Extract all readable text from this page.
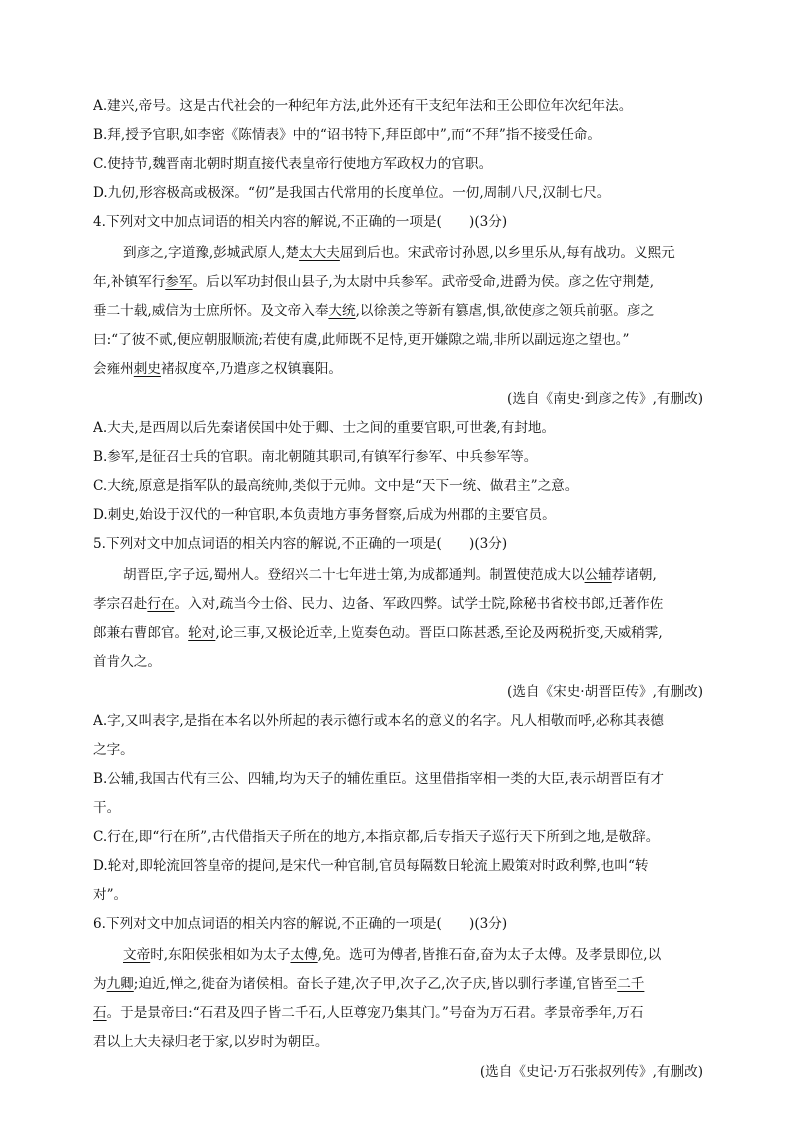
A.建兴,帝号。这是古代社会的一种纪年方法,此外还有干支纪年法和王公即位年次纪年法。
B.拜,授予官职,如李密《陈情表》中的“诏书特下,拜臣郎中”,而“不拜”指不接受任命。
C.使持节,魏晋南北朝时期直接代表皇帝行使地方军政权力的官职。
D.九仞,形容极高或极深。“仞”是我国古代常用的长度单位。一仞,周制八尺,汉制七尺。
4.下列对文中加点词语的相关内容的解说,不正确的一项是(　　)(3分)
到彦之,字道豫,彭城武原人,楚太大夫屈到后也。宋武帝讨孙恩,以乡里乐从,每有战功。义熙元
年,补镇军行参军。后以军功封佷山县子,为太尉中兵参军。武帝受命,进爵为侯。彦之佐守荆楚,
垂二十载,威信为士庶所怀。及文帝入奉大统,以徐羡之等新有篡虐,惧,欲使彦之领兵前驱。彦之
曰:“了彼不贰,便应朝服顺流;若使有虞,此师既不足恃,更开嫌隙之端,非所以副远迩之望也。”
会雍州刺史褚叔度卒,乃遣彦之权镇襄阳。
(选自《南史·到彦之传》,有删改)
A.大夫,是西周以后先秦诸侯国中处于卿、士之间的重要官职,可世袭,有封地。
B.参军,是征召士兵的官职。南北朝随其职司,有镇军行参军、中兵参军等。
C.大统,原意是指军队的最高统帅,类似于元帅。文中是“天下一统、做君主”之意。
D.刺史,始设于汉代的一种官职,本负责地方事务督察,后成为州郡的主要官员。
5.下列对文中加点词语的相关内容的解说,不正确的一项是(　　)(3分)
胡晋臣,字子远,蜀州人。登绍兴二十七年进士第,为成都通判。制置使范成大以公辅荐诸朝,
孝宗召赴行在。入对,疏当今士俗、民力、边备、军政四弊。试学士院,除秘书省校书郎,迁著作佐
郎兼右曹郎官。轮对,论三事,又极论近幸,上览奏色动。晋臣口陈甚悉,至论及两税折变,天威稍霁,
首肯久之。
(选自《宋史·胡晋臣传》,有删改)
A.字,又叫表字,是指在本名以外所起的表示德行或本名的意义的名字。凡人相敬而呼,必称其表德
之字。
B.公辅,我国古代有三公、四辅,均为天子的辅佐重臣。这里借指宰相一类的大臣,表示胡晋臣有才
干。
C.行在,即“行在所”,古代借指天子所在的地方,本指京都,后专指天子巡行天下所到之地,是敬辞。
D.轮对,即轮流回答皇帝的提问,是宋代一种官制,官员每隔数日轮流上殿策对时政利弊,也叫“转
对”。
6.下列对文中加点词语的相关内容的解说,不正确的一项是(　　)(3分)
文帝时,东阳侯张相如为太子太傅,免。选可为傅者,皆推石奋,奋为太子太傅。及孝景即位,以
为九卿;迫近,惮之,徙奋为诸侯相。奋长子建,次子甲,次子乙,次子庆,皆以驯行孝谨,官皆至二千
石。于是景帝曰:“石君及四子皆二千石,人臣尊宠乃集其门。”号奋为万石君。孝景帝季年,万石
君以上大夫禄归老于家,以岁时为朝臣。
(选自《史记·万石张叔列传》,有删改)
